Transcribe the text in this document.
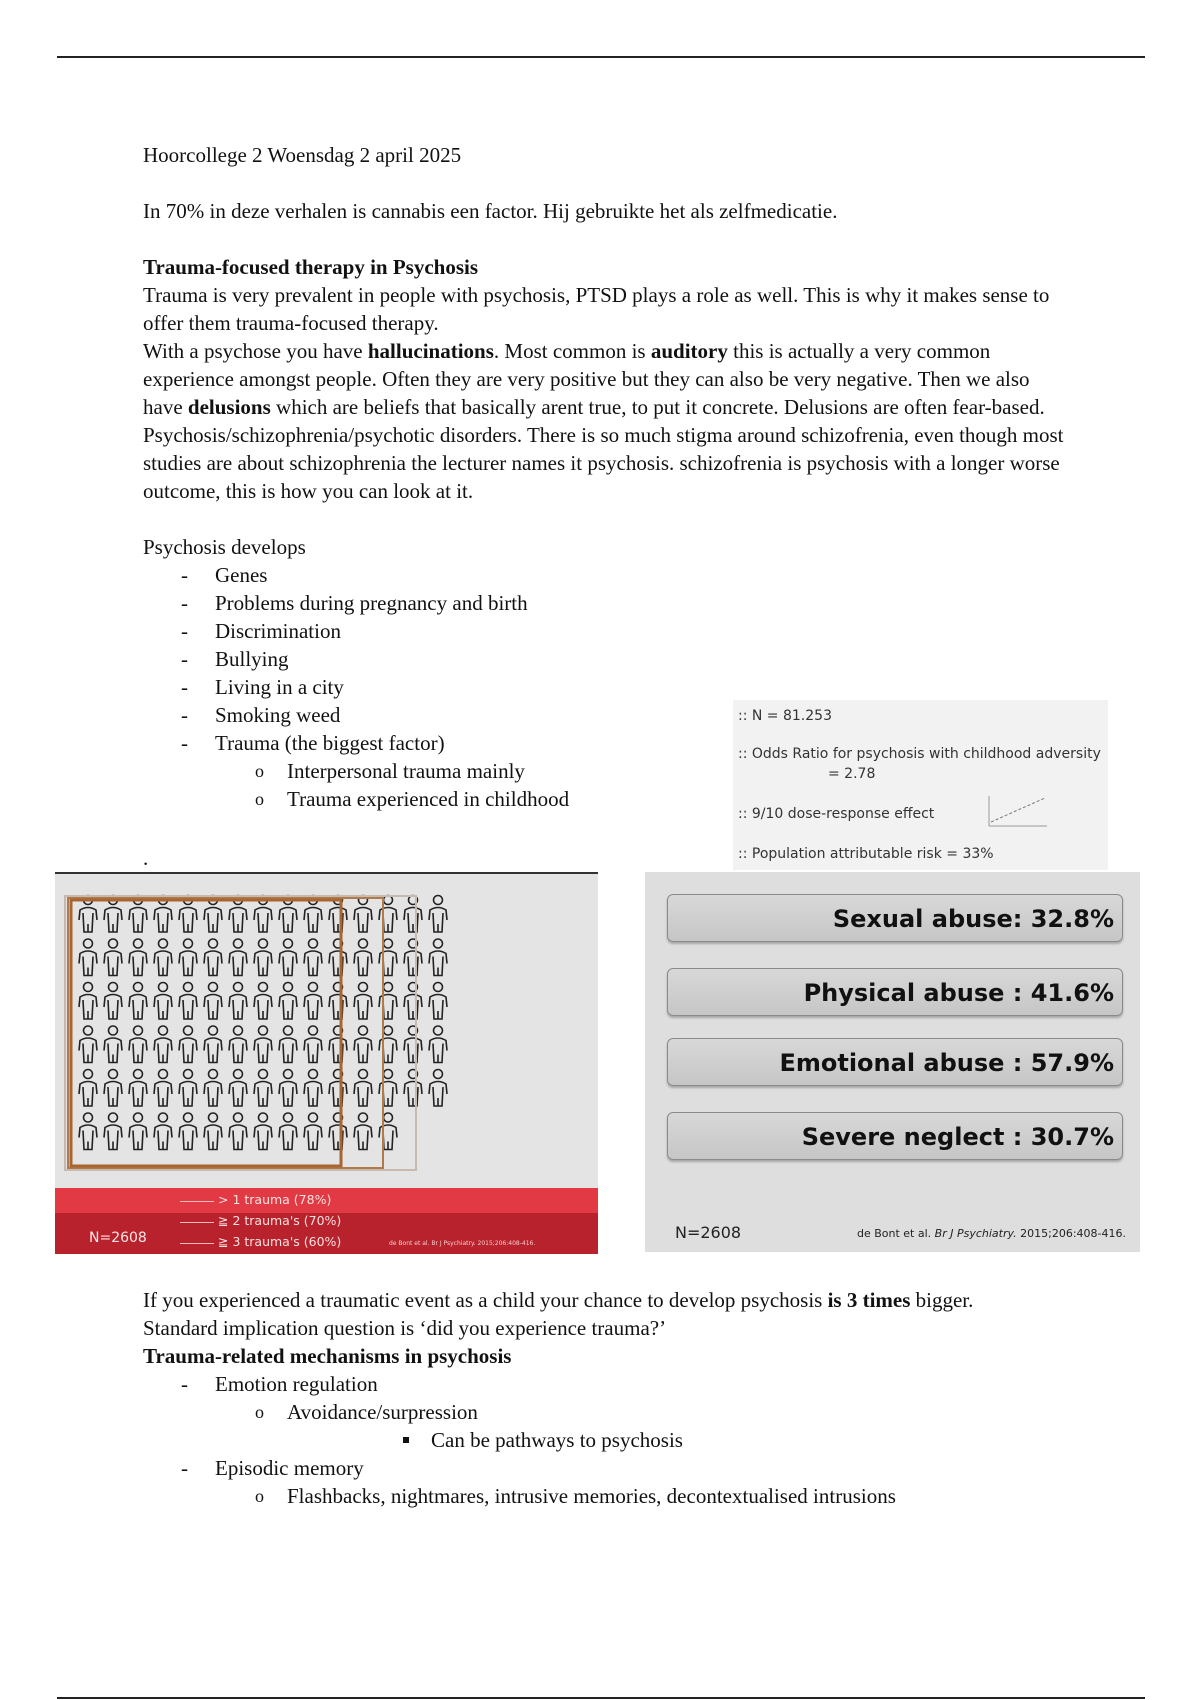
Hoorcollege 2 Woensdag 2 april 2025

In 70% in deze verhalen is cannabis een factor. Hij gebruikte het als zelfmedicatie.

Trauma-focused therapy in Psychosis

Trauma is very prevalent in people with psychosis, PTSD plays a role as well. This is why it makes sense to offer them trauma-focused therapy.

With a psychose you have hallucinations. Most common is auditory this is actually a very common experience amongst people. Often they are very positive but they can also be very negative. Then we also have delusions which are beliefs that basically arent true, to put it concrete. Delusions are often fear-based.

Psychosis/schizophrenia/psychotic disorders. There is so much stigma around schizofrenia, even though most studies are about schizophrenia the lecturer names it psychosis. schizofrenia is psychosis with a longer worse outcome, this is how you can look at it.

Psychosis develops

- Genes
- Problems during pregnancy and birth
- Discrimination
- Bullying
- Living in a city
- Smoking weed
- Trauma (the biggest factor)
o Interpersonal trauma mainly
o Trauma experienced in childhood
.
:: N = 81.253
:: Odds Ratio for psychosis with childhood adversity
= 2.78
:: 9/10 dose-response effect
:: Population attributable risk = 33%
> 1 trauma (78%)
≧ 2 trauma's (70%)
≧ 3 trauma's (60%)
N=2608	de Bont et al. Br J Psychiatry. 2015;206:408-416.
Sexual abuse: 32.8%
Physical abuse : 41.6%
Emotional abuse : 57.9%
Severe neglect : 30.7%
N=2608	de Bont et al. Br J Psychiatry. 2015;206:408-416.

If you experienced a traumatic event as a child your chance to develop psychosis is 3 times bigger.

Standard implication question is ‘did you experience trauma?’

Trauma-related mechanisms in psychosis
- Emotion regulation
o Avoidance/surpression
Can be pathways to psychosis
- Episodic memory
o Flashbacks, nightmares, intrusive memories, decontextualised intrusions
